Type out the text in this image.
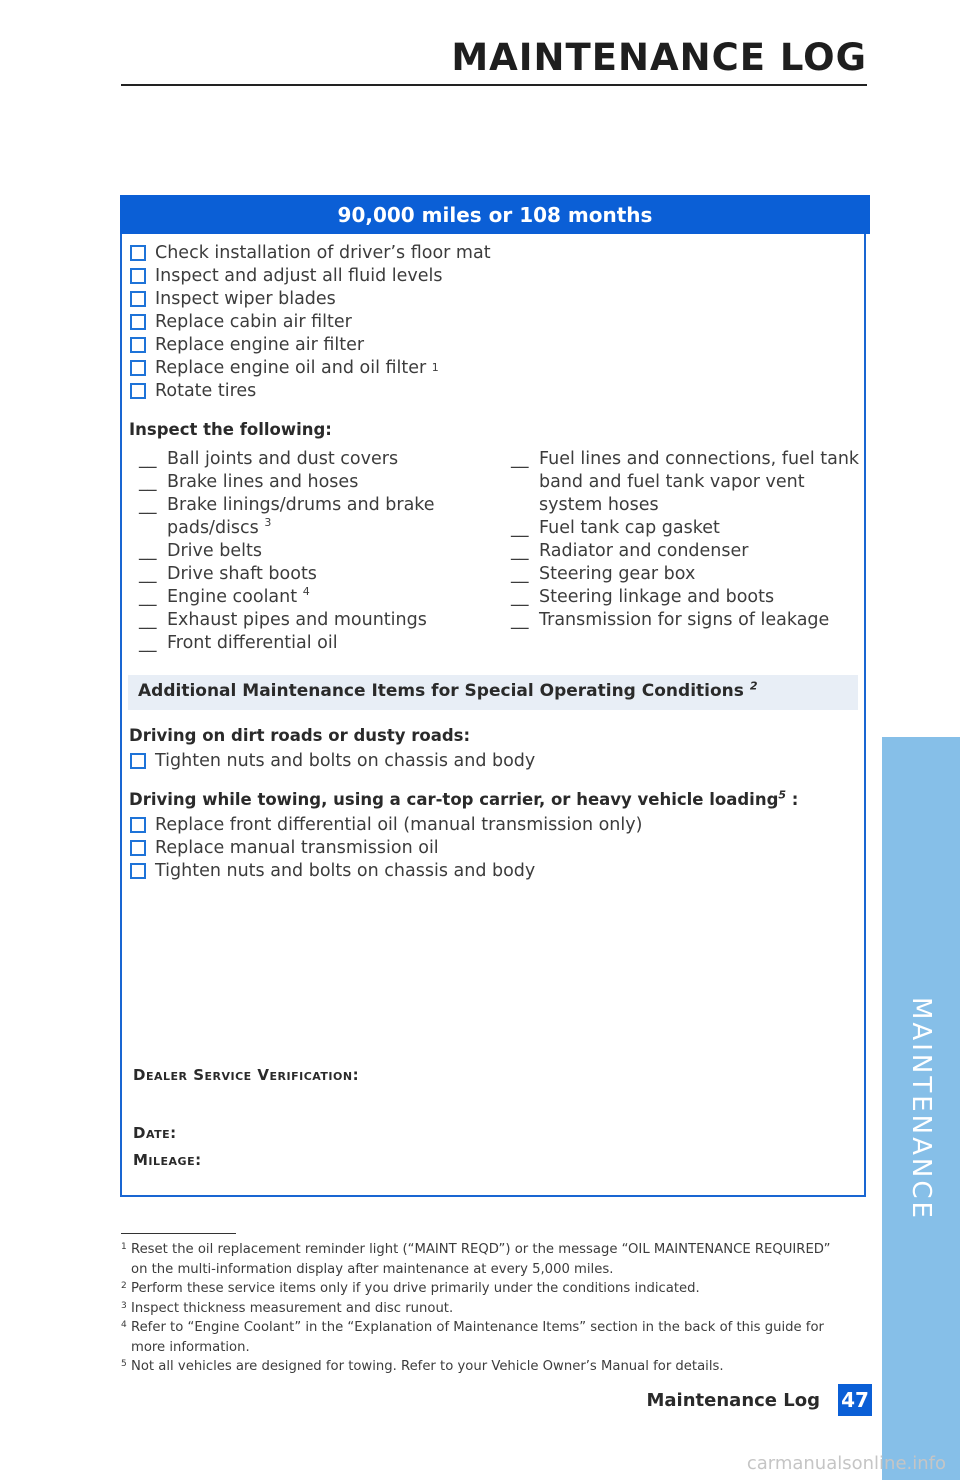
MAINTENANCE LOG
MAINTENANCE
90,000 miles or 108 months
Check installation of driver’s floor mat
Inspect and adjust all fluid levels
Inspect wiper blades
Replace cabin air filter
Replace engine air filter
Replace engine oil and oil filter
1
Rotate tires
Inspect the following:
__ Ball joints and dust covers
__ Brake lines and hoses
__ Brake linings/drums and brake pads/discs $^3$
__ Drive belts
__ Drive shaft boots
__ Engine coolant $^4$
__ Exhaust pipes and mountings
__ Front differential oil
__ Fuel lines and connections, fuel tank band and fuel tank vapor vent system hoses
__ Fuel tank cap gasket
__ Radiator and condenser
__ Steering gear box
__ Steering linkage and boots
__ Transmission for signs of leakage
Additional Maintenance Items for Special Operating Conditions $^2$
Driving on dirt roads or dusty roads:
Tighten nuts and bolts on chassis and body
Driving while towing, using a car-top carrier, or heavy vehicle loading$^5$ :
Replace front differential oil (manual transmission only)
Replace manual transmission oil
Tighten nuts and bolts on chassis and body
Dealer Service Verification:
Date:
Mileage:
1 Reset the oil replacement reminder light (“MAINT REQD”) or the message “OIL MAINTENANCE REQUIRED” on the multi-information display after maintenance at every 5,000 miles.
2 Perform these service items only if you drive primarily under the conditions indicated.
3 Inspect thickness measurement and disc runout.
4 Refer to “Engine Coolant” in the “Explanation of Maintenance Items” section in the back of this guide for more information.
5 Not all vehicles are designed for towing. Refer to your Vehicle Owner’s Manual for details.
Maintenance Log 47
carmanualsonline.info
